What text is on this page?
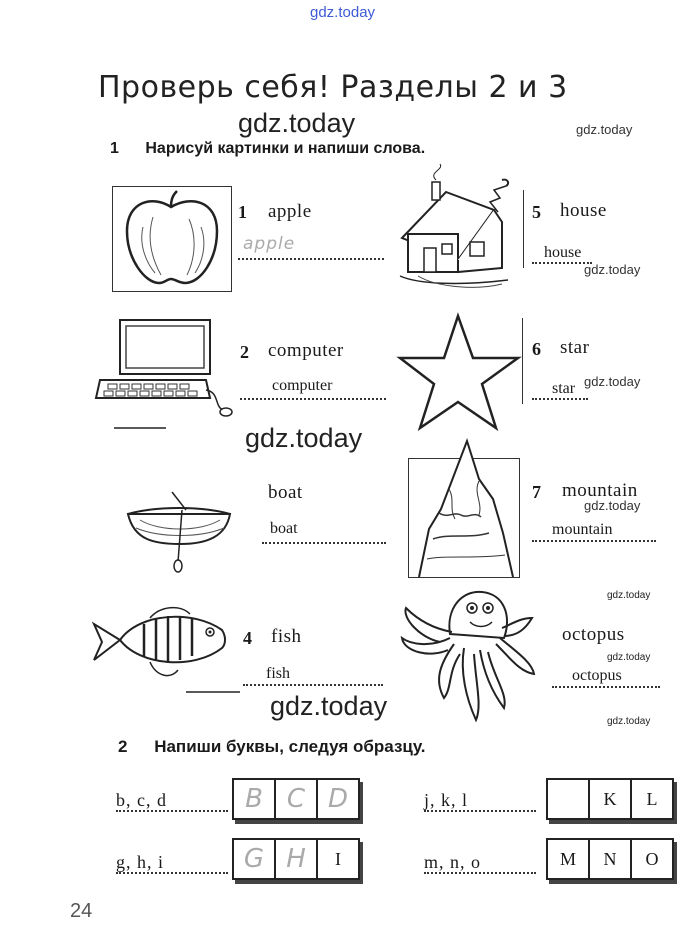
gdz.today
Проверь себя! Разделы 2 и 3
1 Нарисуй картинки и напиши слова.
gdz.today
gdz.today
gdz.today
gdz.today
gdz.today
gdz.today
gdz.today
gdz.today
gdz.today
gdz.today
1 apple
apple
2 computer
computer
boat
boat
4 fish
fish
5 house
house
6 star
star
7 mountain
mountain
octopus
octopus
2 Напиши буквы, следуя образцу.
b, c, d	B C D	j, k, l	J	K	L
g, h, i	G H	I	m, n, o	M	N	O
24
